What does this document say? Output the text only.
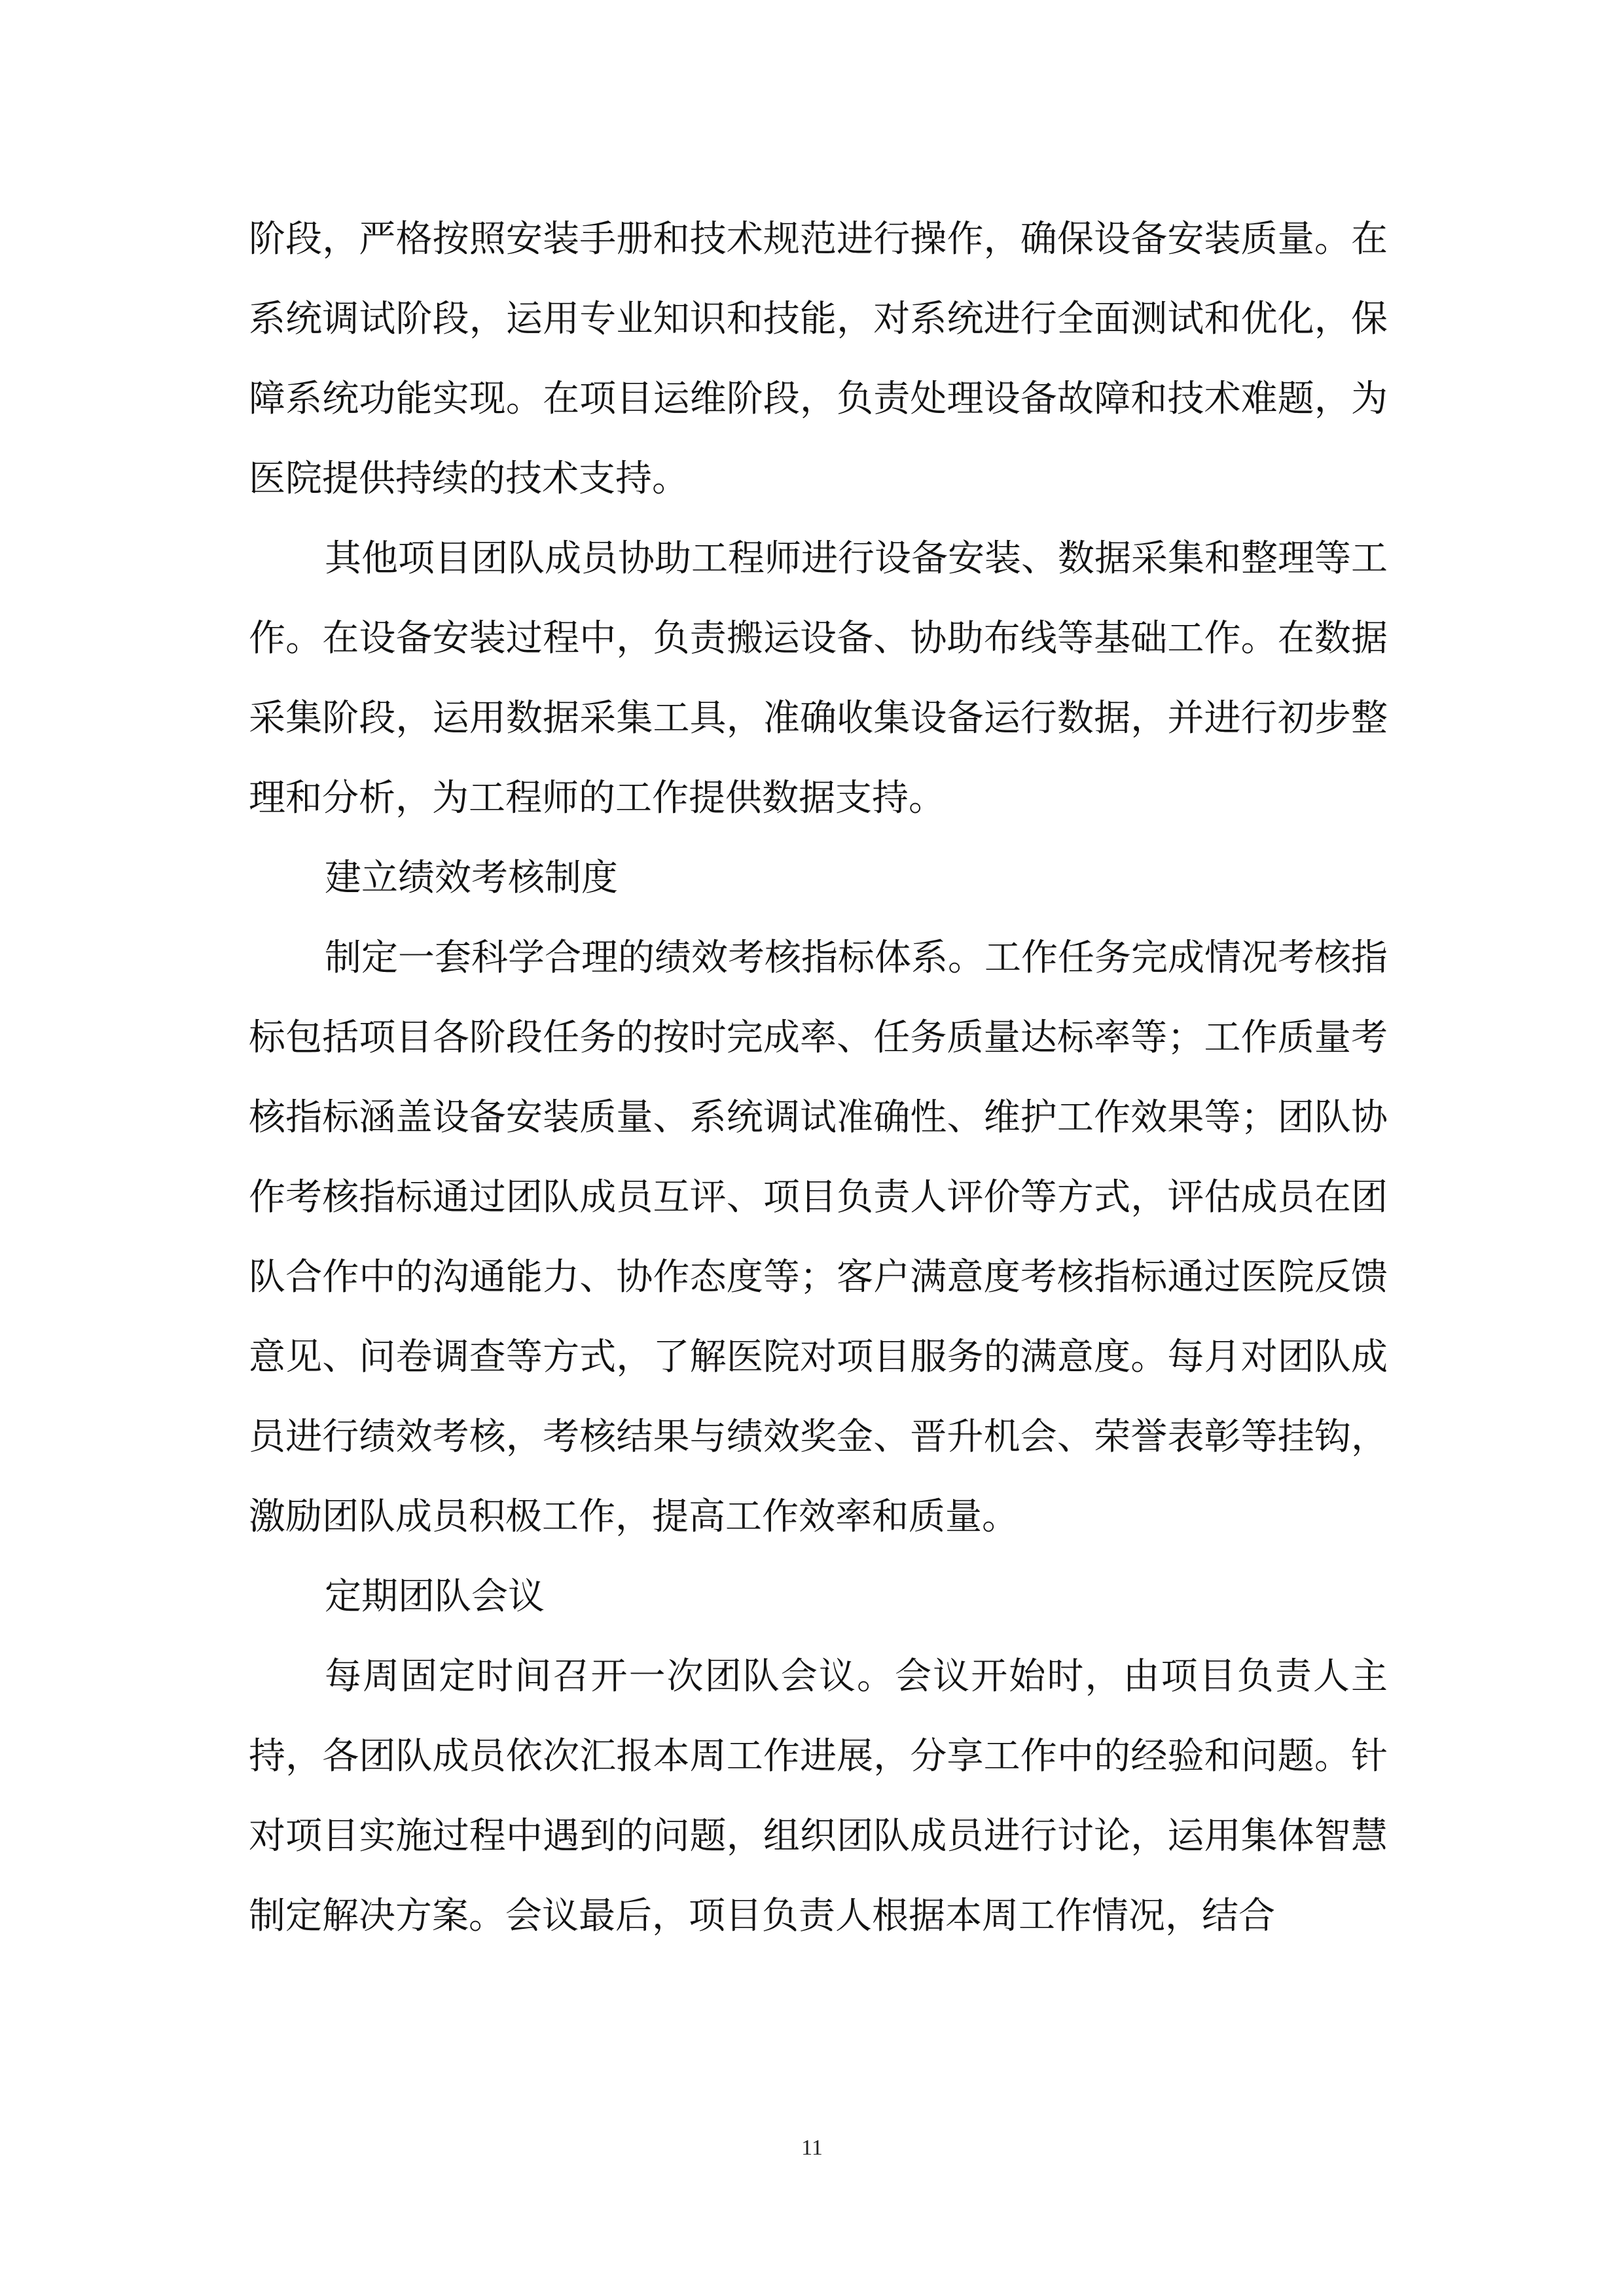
阶段，严格按照安装手册和技术规范进行操作，确保设备安装质量。在系统调试阶段，运用专业知识和技能，对系统进行全面测试和优化，保障系统功能实现。在项目运维阶段，负责处理设备故障和技术难题，为医院提供持续的技术支持。

其他项目团队成员协助工程师进行设备安装、数据采集和整理等工作。在设备安装过程中，负责搬运设备、协助布线等基础工作。在数据采集阶段，运用数据采集工具，准确收集设备运行数据，并进行初步整理和分析，为工程师的工作提供数据支持。

建立绩效考核制度

制定一套科学合理的绩效考核指标体系。工作任务完成情况考核指标包括项目各阶段任务的按时完成率、任务质量达标率等；工作质量考核指标涵盖设备安装质量、系统调试准确性、维护工作效果等；团队协作考核指标通过团队成员互评、项目负责人评价等方式，评估成员在团队合作中的沟通能力、协作态度等；客户满意度考核指标通过医院反馈意见、问卷调查等方式，了解医院对项目服务的满意度。每月对团队成员进行绩效考核，考核结果与绩效奖金、晋升机会、荣誉表彰等挂钩，激励团队成员积极工作，提高工作效率和质量。

定期团队会议

每周固定时间召开一次团队会议。会议开始时，由项目负责人主持，各团队成员依次汇报本周工作进展，分享工作中的经验和问题。针对项目实施过程中遇到的问题，组织团队成员进行讨论，运用集体智慧制定解决方案。会议最后，项目负责人根据本周工作情况，结合

11
